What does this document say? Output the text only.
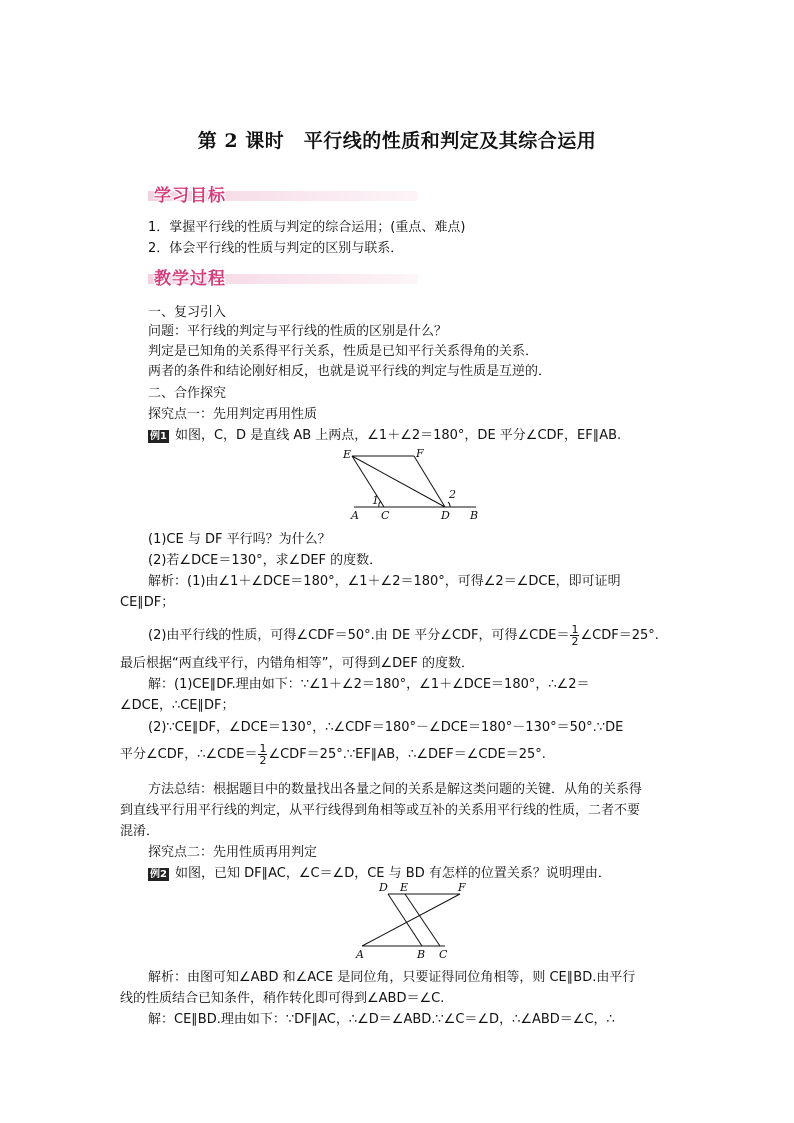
第 2 课时　平行线的性质和判定及其综合运用
学习目标
1．掌握平行线的性质与判定的综合运用；(重点、难点)
2．体会平行线的性质与判定的区别与联系．
教学过程
一、复习引入
问题：平行线的判定与平行线的性质的区别是什么？
判定是已知角的关系得平行关系，性质是已知平行关系得角的关系．
两者的条件和结论刚好相反，也就是说平行线的判定与性质是互逆的．
二、合作探究
探究点一：先用判定再用性质
例1 如图，C，D 是直线 AB 上两点，∠1＋∠2＝180°，DE 平分∠CDF，EF∥AB.
E	F
A C	D B
1	2
(1)CE 与 DF 平行吗？为什么？
(2)若∠DCE＝130°，求∠DEF 的度数．
解析：(1)由∠1＋∠DCE＝180°，∠1＋∠2＝180°，可得∠2＝∠DCE，即可证明
CE∥DF；
(2)由平行线的性质，可得∠CDF＝50°.由 DE 平分∠CDF，可得∠CDE＝ $\frac{1}{2}$ ∠CDF＝25°.
最后根据“两直线平行，内错角相等”，可得到∠DEF 的度数．
解：(1)CE∥DF.理由如下：∵∠1＋∠2＝180°，∠1＋∠DCE＝180°，∴∠2＝
∠DCE，∴CE∥DF；
(2)∵CE∥DF，∠DCE＝130°，∴∠CDF＝180°－∠DCE＝180°－130°＝50°.∵DE
平分∠CDF，∴∠CDE＝ $\frac{1}{2}$ ∠CDF＝25°.∵EF∥AB，∴∠DEF＝∠CDE＝25°.
方法总结：根据题目中的数量找出各量之间的关系是解这类问题的关键．从角的关系得
到直线平行用平行线的判定，从平行线得到角相等或互补的关系用平行线的性质，二者不要
混淆．
探究点二：先用性质再用判定
例2 如图，已知 DF∥AC，∠C＝∠D，CE 与 BD 有怎样的位置关系？说明理由．
D E	F
A	B C
解析：由图可知∠ABD 和∠ACE 是同位角，只要证得同位角相等，则 CE∥BD.由平行
线的性质结合已知条件，稍作转化即可得到∠ABD＝∠C.
解：CE∥BD.理由如下：∵DF∥AC，∴∠D＝∠ABD.∵∠C＝∠D，∴∠ABD＝∠C，∴
